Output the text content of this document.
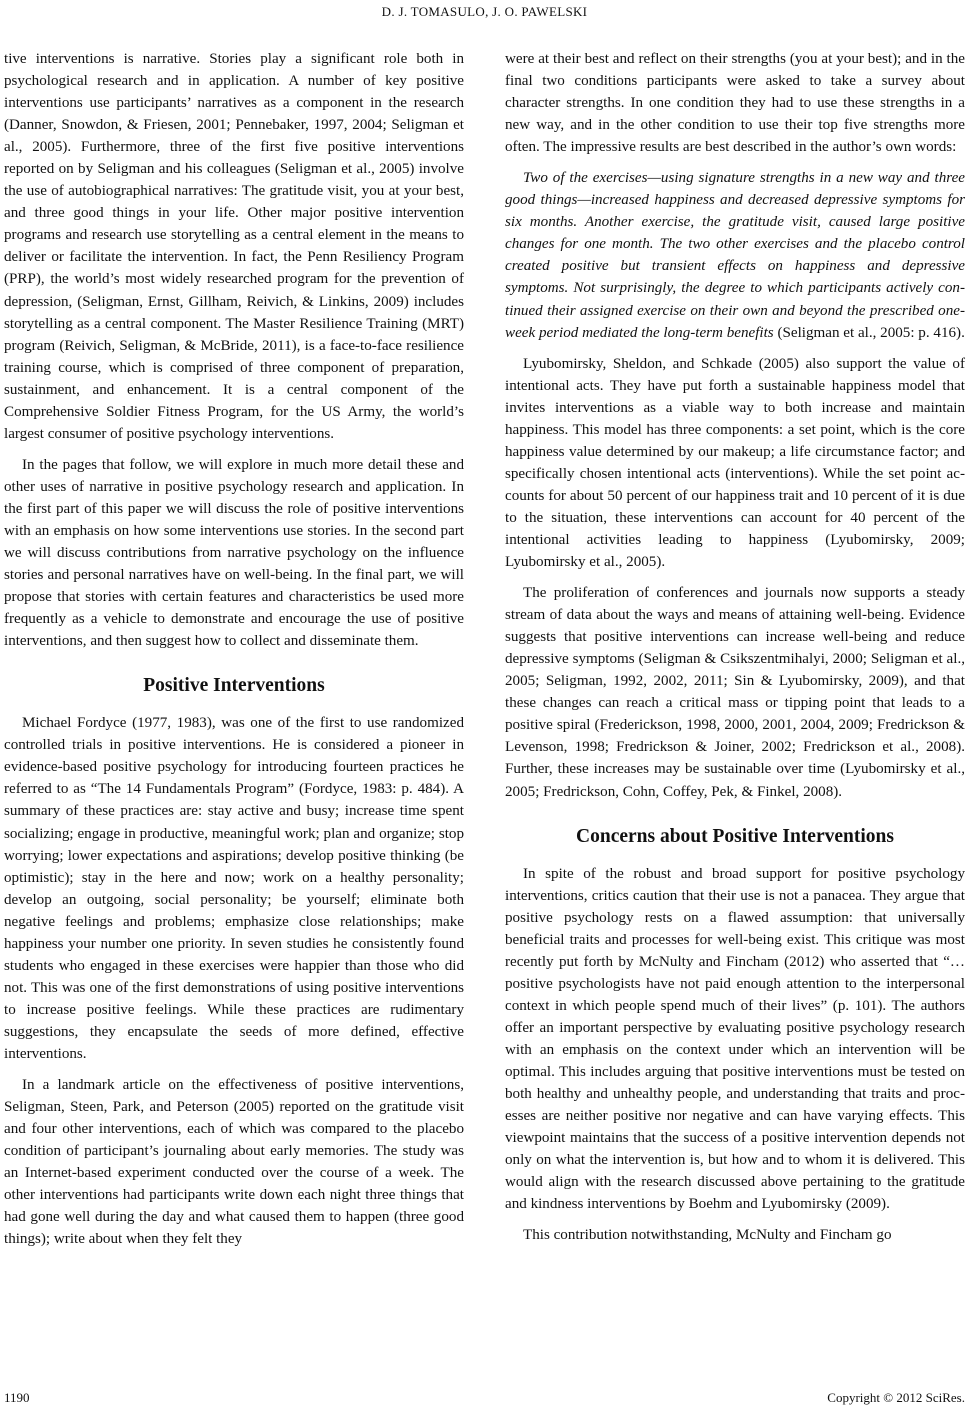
D. J. TOMASULO, J. O. PAWELSKI

tive interventions is narrative. Stories play a significant role both in psychological research and in application. A number of key positive interventions use participants’ narratives as a component in the research (Danner, Snowdon, & Friesen, 2001; Pennebaker, 1997, 2004; Seligman et al., 2005). Furthermore, three of the first five positive interventions reported on by Seligman and his colleagues (Seligman et al., 2005) involve the use of autobiographical narratives: The gratitude visit, you at your best, and three good things in your life. Other major positive intervention programs and research use storytelling as a central element in the means to deliver or facilitate the intervention. In fact, the Penn Resiliency Program (PRP), the world’s most widely researched program for the prevention of depression, (Seligman, Ernst, Gillham, Reivich, & Linkins, 2009) includes storytelling as a central component. The Master Resilience Training (MRT) program (Reivich, Seligman, & McBride, 2011), is a face-to-face resilience training course, which is comprised of three component of preparation, sustainment, and enhancement. It is a central component of the Comprehensive Soldier Fitness Program, for the US Army, the world’s largest consumer of positive psychology interventions.

In the pages that follow, we will explore in much more detail these and other uses of narrative in positive psychology research and application. In the first part of this paper we will discuss the role of positive interventions with an emphasis on how some interventions use stories. In the second part we will discuss contributions from narrative psychology on the influence stories and personal narratives have on well-being. In the final part, we will propose that stories with certain features and characteristics be used more frequently as a vehicle to demonstrate and encourage the use of positive interventions, and then suggest how to collect and disseminate them.

Positive Interventions

Michael Fordyce (1977, 1983), was one of the first to use randomized controlled trials in positive interventions. He is considered a pioneer in evidence-based positive psychology for introducing fourteen practices he referred to as “The 14 Fundamentals Program” (Fordyce, 1983: p. 484). A summary of these practices are: stay active and busy; increase time spent socializing; engage in productive, meaningful work; plan and organize; stop worrying; lower expectations and aspirations; develop positive thinking (be optimistic); stay in the here and now; work on a healthy personality; develop an outgoing, social personality; be yourself; eliminate both negative feelings and problems; emphasize close relationships; make happiness your number one priority. In seven studies he consistently found students who engaged in these exercises were happier than those who did not. This was one of the first demonstrations of using positive interventions to increase positive feelings. While these practices are rudimentary suggestions, they encapsulate the seeds of more defined, effective interventions.

In a landmark article on the effectiveness of positive interventions, Seligman, Steen, Park, and Peterson (2005) reported on the gratitude visit and four other interventions, each of which was compared to the placebo condition of participant’s journaling about early memories. The study was an Internet-based experiment conducted over the course of a week. The other interventions had participants write down each night three things that had gone well during the day and what caused them to happen (three good things); write about when they felt they

were at their best and reflect on their strengths (you at your best); and in the final two conditions participants were asked to take a survey about character strengths. In one condition they had to use these strengths in a new way, and in the other condition to use their top five strengths more often. The impressive results are best described in the author’s own words:

Two of the exercises—using signature strengths in a new way and three good things—increased happiness and decreased depressive symptoms for six months. Another exercise, the gratitude visit, caused large positive changes for one month. The two other exercises and the placebo control created positive but transient effects on happiness and depressive symptoms. Not surprisingly, the degree to which participants actively continued their assigned exercise on their own and beyond the prescribed one-week period mediated the long-term benefits (Seligman et al., 2005: p. 416).

Lyubomirsky, Sheldon, and Schkade (2005) also support the value of intentional acts. They have put forth a sustainable happiness model that invites interventions as a viable way to both increase and maintain happiness. This model has three components: a set point, which is the core happiness value determined by our makeup; a life circumstance factor; and specifically chosen intentional acts (interventions). While the set point accounts for about 50 percent of our happiness trait and 10 percent of it is due to the situation, these interventions can account for 40 percent of the intentional activities leading to happiness (Lyubomirsky, 2009; Lyubomirsky et al., 2005).

The proliferation of conferences and journals now supports a steady stream of data about the ways and means of attaining well-being. Evidence suggests that positive interventions can increase well-being and reduce depressive symptoms (Seligman & Csikszentmihalyi, 2000; Seligman et al., 2005; Seligman, 1992, 2002, 2011; Sin & Lyubomirsky, 2009), and that these changes can reach a critical mass or tipping point that leads to a positive spiral (Frederickson, 1998, 2000, 2001, 2004, 2009; Fredrickson & Levenson, 1998; Fredrickson & Joiner, 2002; Fredrickson et al., 2008). Further, these increases may be sustainable over time (Lyubomirsky et al., 2005; Fredrickson, Cohn, Coffey, Pek, & Finkel, 2008).

Concerns about Positive Interventions

In spite of the robust and broad support for positive psychology interventions, critics caution that their use is not a panacea. They argue that positive psychology rests on a flawed assumption: that universally beneficial traits and processes for well-being exist. This critique was most recently put forth by McNulty and Fincham (2012) who asserted that “…positive psychologists have not paid enough attention to the interpersonal context in which people spend much of their lives” (p. 101). The authors offer an important perspective by evaluating positive psychology research with an emphasis on the context under which an intervention will be optimal. This includes arguing that positive interventions must be tested on both healthy and unhealthy people, and understanding that traits and processes are neither positive nor negative and can have varying effects. This viewpoint maintains that the success of a positive intervention depends not only on what the intervention is, but how and to whom it is delivered. This would align with the research discussed above pertaining to the gratitude and kindness interventions by Boehm and Lyubomirsky (2009).

This contribution notwithstanding, McNulty and Fincham go

1190	Copyright © 2012 SciRes.
